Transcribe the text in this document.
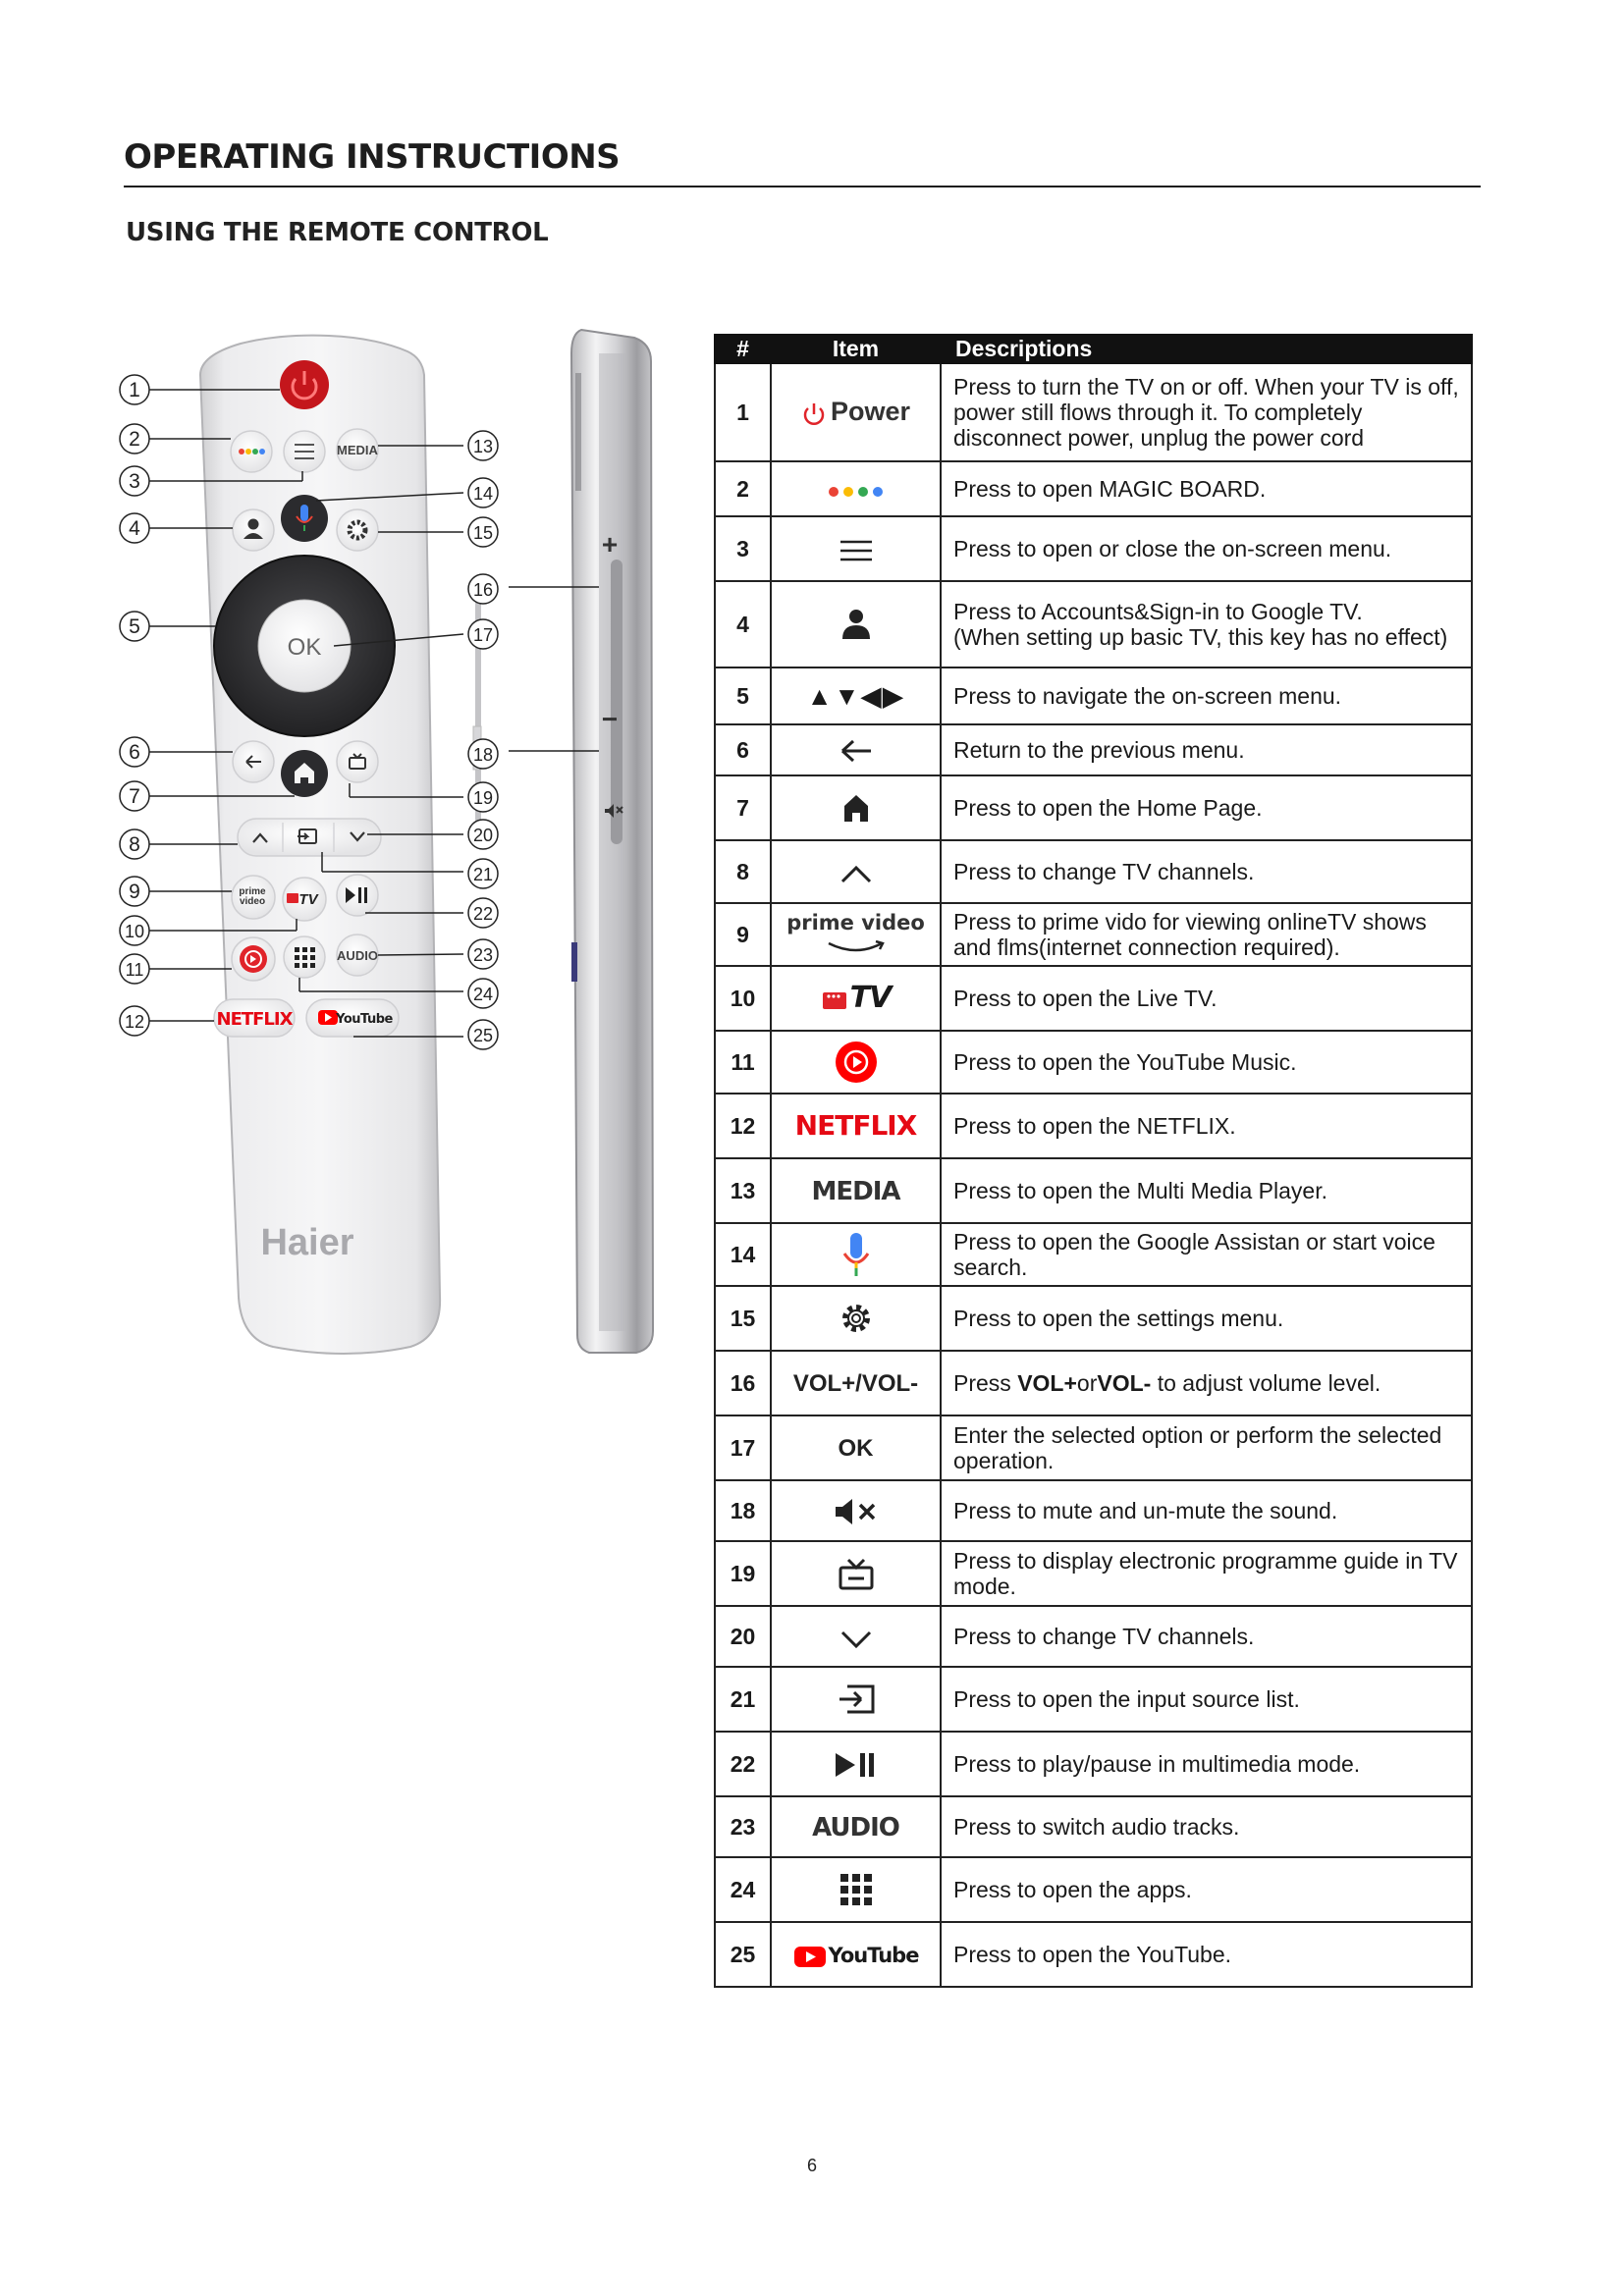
OPERATING INSTRUCTIONS
USING THE REMOTE CONTROL
+
−
MEDIA
OK
prime
video TV
AUDIO
NETFLIX	YouTube
Haier
1
2
3
4
5
6
7
8
9
10
11
12
13
14
15
16
17
18
19
20
21
22
23
24
25
#	Item	Descriptions
1	Power	Press to turn the TV on or off. When your TV is off, power still flows through it. To completely disconnect power, unplug the power cord
2		Press to open MAGIC BOARD.
3		Press to open or close the on-screen menu.
4		Press to Accounts&Sign-in to Google TV.
(When setting up basic TV, this key has no effect)
5	▲▼◀▶	Press to navigate the on-screen menu.
6		Return to the previous menu.
7		Press to open the Home Page.
8		Press to change TV channels.
9	prime video	Press to prime vido for viewing onlineTV shows and flms(internet connection required).
10	TV	Press to open the Live TV.
11		Press to open the YouTube Music.
12	NETFLIX	Press to open the NETFLIX.
13	MEDIA	Press to open the Multi Media Player.
14		Press to open the Google Assistan or start voice search.
15		Press to open the settings menu.
16	VOL+/VOL-	Press VOL+orVOL- to adjust volume level.
17	OK	Enter the selected option or perform the selected operation.
18		Press to mute and un-mute the sound.
19		Press to display electronic programme guide in TV mode.
20		Press to change TV channels.
21		Press to open the input source list.
22		Press to play/pause in multimedia mode.
23	AUDIO	Press to switch audio tracks.
24		Press to open the apps.
25	YouTube	Press to open the YouTube.
6
